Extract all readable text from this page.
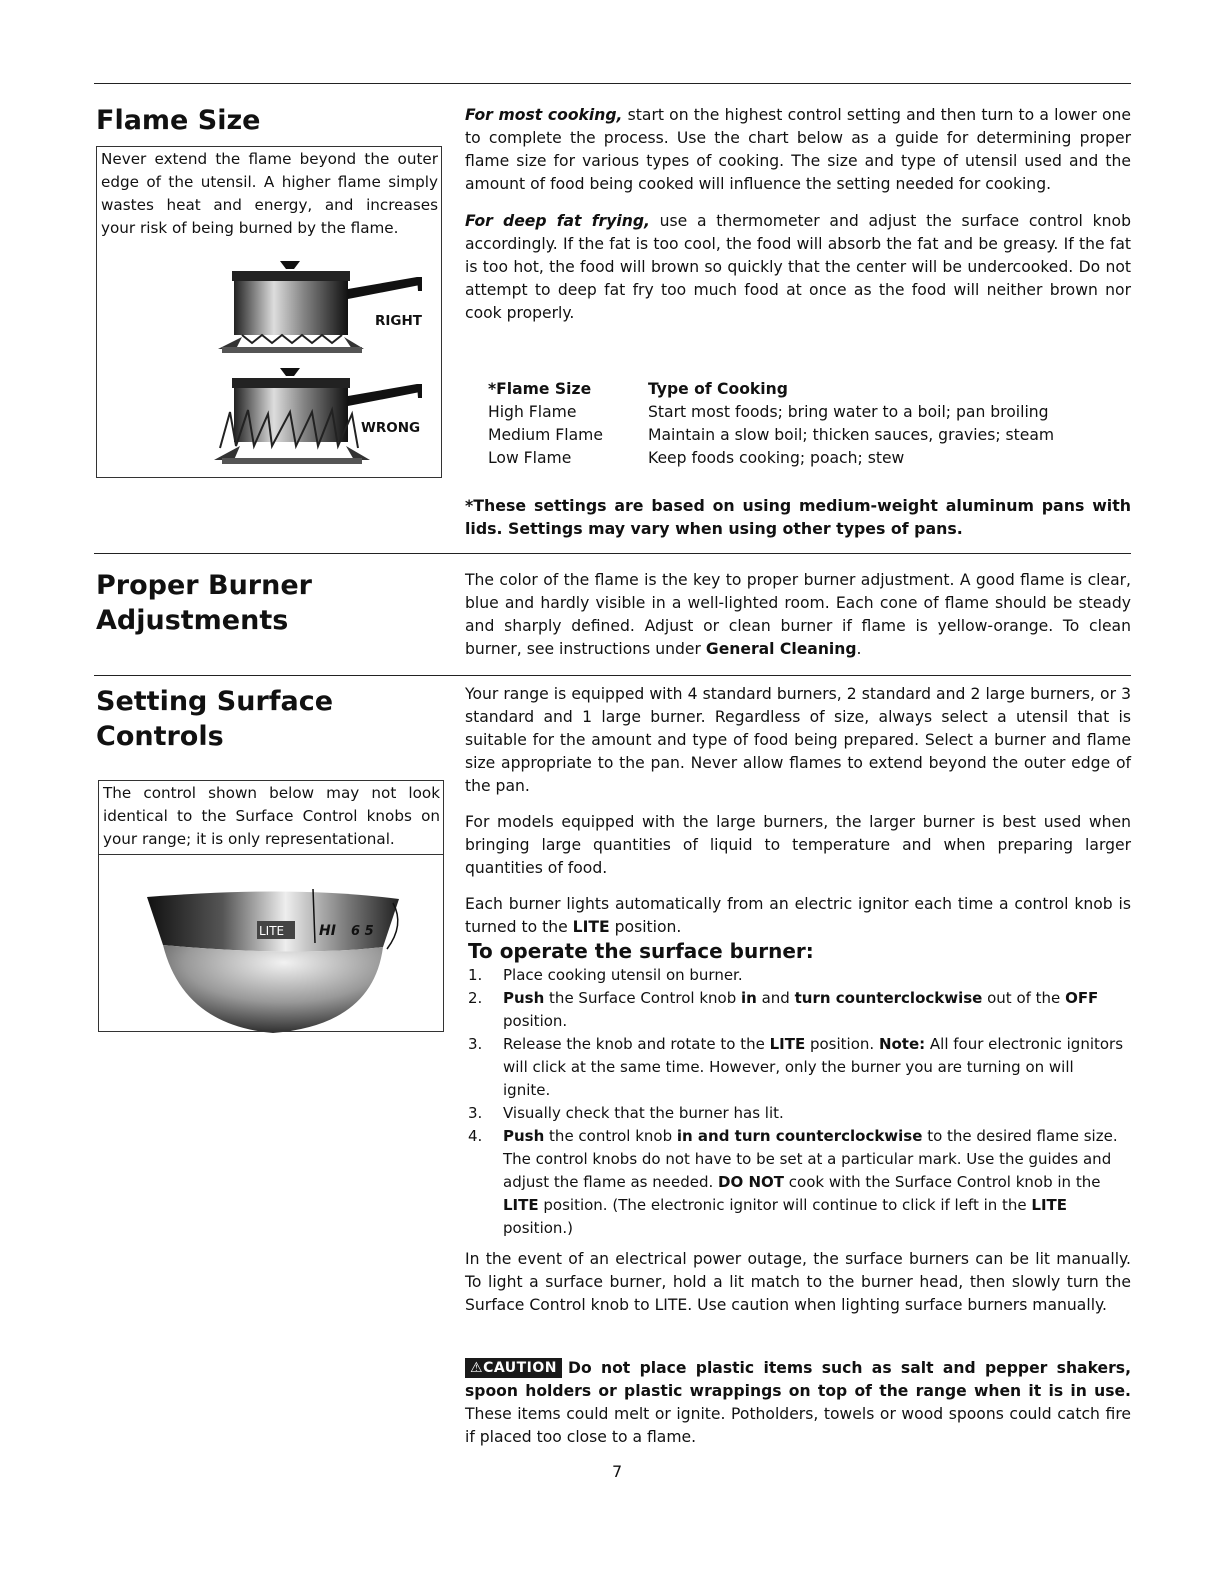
Flame Size
Never extend the flame beyond the outer edge of the utensil. A higher flame simply wastes heat and energy, and increases your risk of being burned by the flame.
RIGHT
WRONG

For most cooking, start on the highest control setting and then turn to a lower one to complete the process. Use the chart below as a guide for determining proper flame size for various types of cooking. The size and type of utensil used and the amount of food being cooked will influence the setting needed for cooking.

For deep fat frying, use a thermometer and adjust the surface control knob accordingly. If the fat is too cool, the food will absorb the fat and be greasy. If the fat is too hot, the food will brown so quickly that the center will be undercooked. Do not attempt to deep fat fry too much food at once as the food will neither brown nor cook properly.

*Flame Size	Type of Cooking
High Flame	Start most foods; bring water to a boil; pan broiling
Medium Flame	Maintain a slow boil; thicken sauces, gravies; steam
Low Flame	Keep foods cooking; poach; stew

*These settings are based on using medium-weight aluminum pans with lids. Settings may vary when using other types of pans.

Proper Burner
Adjustments

The color of the flame is the key to proper burner adjustment. A good flame is clear, blue and hardly visible in a well-lighted room. Each cone of flame should be steady and sharply defined. Adjust or clean burner if flame is yellow-orange. To clean burner, see instructions under General Cleaning.

Setting Surface
Controls
The control shown below may not look identical to the Surface Control knobs on your range; it is only representational.
LITE HI 6 5

Your range is equipped with 4 standard burners, 2 standard and 2 large burners, or 3 standard and 1 large burner. Regardless of size, always select a utensil that is suitable for the amount and type of food being prepared. Select a burner and flame size appropriate to the pan. Never allow flames to extend beyond the outer edge of the pan.

For models equipped with the large burners, the larger burner is best used when bringing large quantities of liquid to temperature and when preparing larger quantities of food.

Each burner lights automatically from an electric ignitor each time a control knob is turned to the LITE position.

To operate the surface burner:
1.	Place cooking utensil on burner.
2.	Push the Surface Control knob in and turn counterclockwise out of the OFF position.
3.	Release the knob and rotate to the LITE position. Note: All four electronic ignitors will click at the same time. However, only the burner you are turning on will ignite.
3.	Visually check that the burner has lit.
4.	Push the control knob in and turn counterclockwise to the desired flame size. The control knobs do not have to be set at a particular mark. Use the guides and adjust the flame as needed. DO NOT cook with the Surface Control knob in the LITE position. (The electronic ignitor will continue to click if left in the LITE position.)

In the event of an electrical power outage, the surface burners can be lit manually. To light a surface burner, hold a lit match to the burner head, then slowly turn the Surface Control knob to LITE. Use caution when lighting surface burners manually.

⚠CAUTION Do not place plastic items such as salt and pepper shakers, spoon holders or plastic wrappings on top of the range when it is in use. These items could melt or ignite. Potholders, towels or wood spoons could catch fire if placed too close to a flame.

7
